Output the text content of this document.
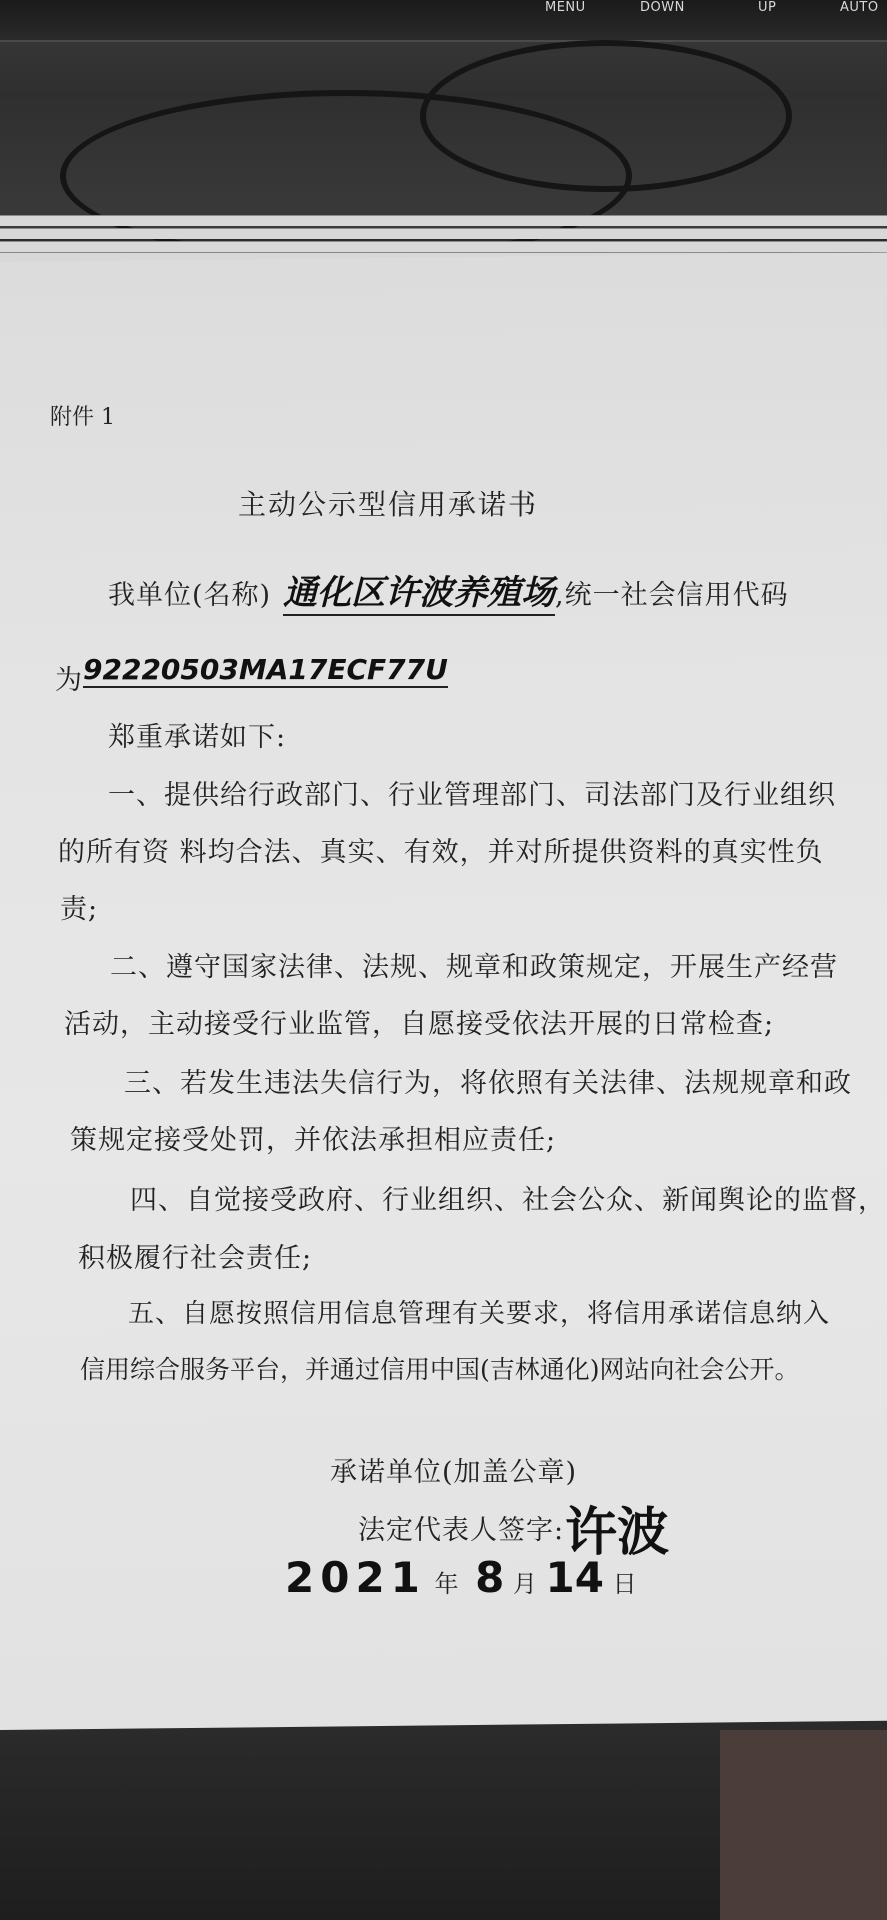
MENU	DOWN	UP	AUTO
附件 1
主动公示型信用承诺书
我单位(名称) 通化区许波养殖场 ,统一社会信用代码
为 92220503MA17ECF77U
郑重承诺如下:
一、提供给行政部门、行业管理部门、司法部门及行业组织
的所有资 料均合法、真实、有效，并对所提供资料的真实性负
责;
二、遵守国家法律、法规、规章和政策规定，开展生产经营
活动，主动接受行业监管，自愿接受依法开展的日常检查;
三、若发生违法失信行为，将依照有关法律、法规规章和政
策规定接受处罚，并依法承担相应责任;
四、自觉接受政府、行业组织、社会公众、新闻舆论的监督，
积极履行社会责任;
五、自愿按照信用信息管理有关要求，将信用承诺信息纳入
信用综合服务平台，并通过信用中国(吉林通化)网站向社会公开。
承诺单位(加盖公章)
法定代表人签字: 许波
2021 年 8 月 14 日
